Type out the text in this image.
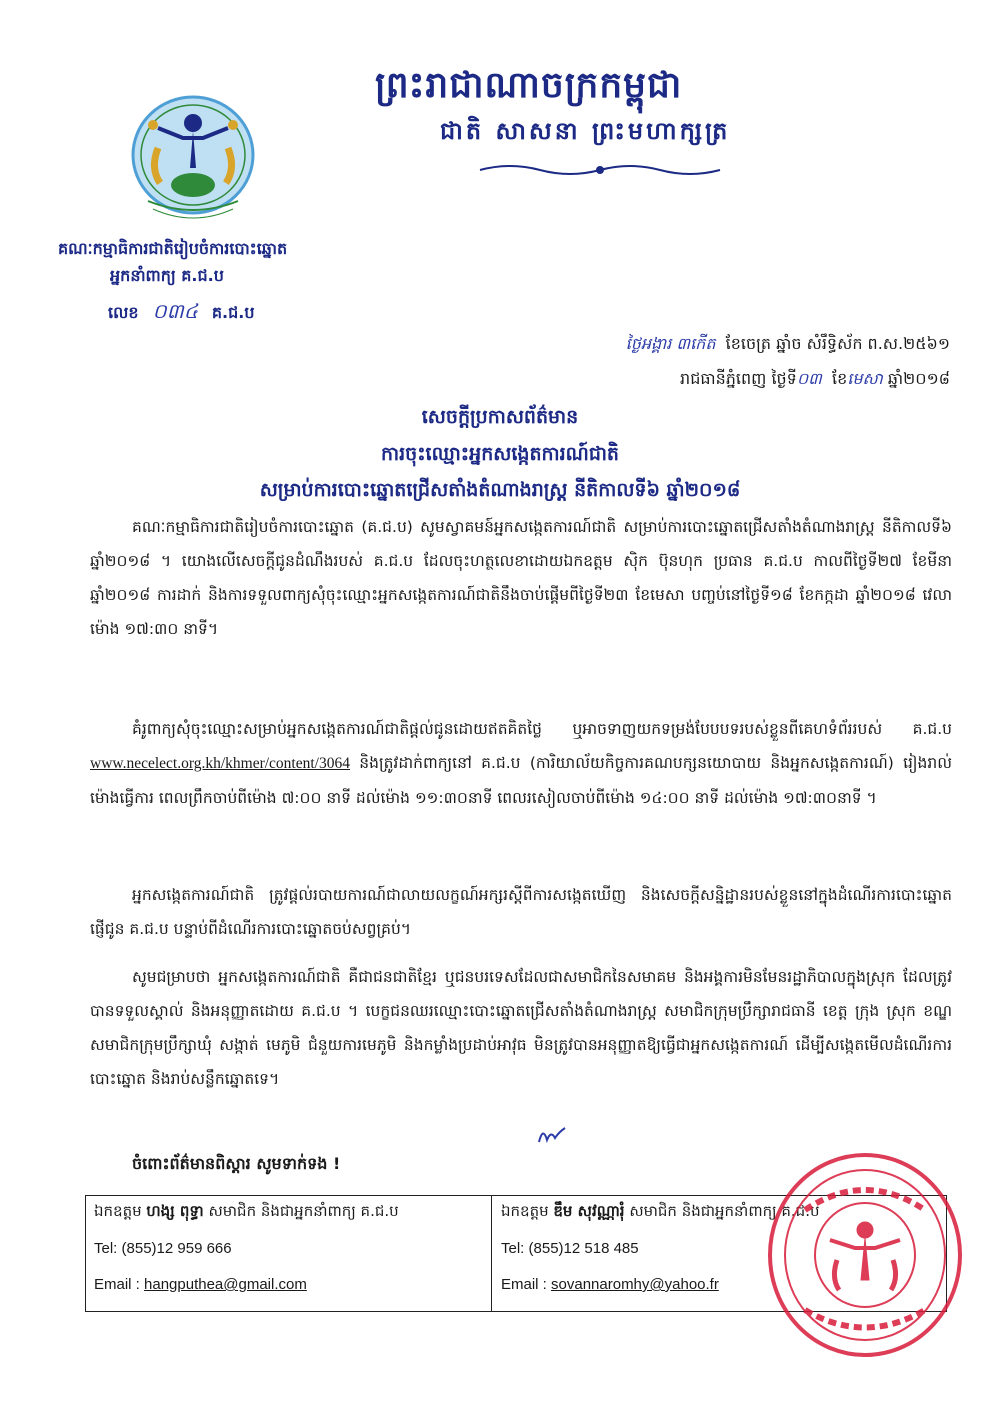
ព្រះរាជាណាចក្រកម្ពុជា
ជាតិ សាសនា ព្រះមហាក្សត្រ
គណៈកម្មាធិការជាតិរៀបចំការបោះឆ្នោត
អ្នកនាំពាក្យ គ.ជ.ប
លេខ ០៣៤ គ.ជ.ប
ថ្ងៃអង្គារ ៣កើត ខែចេត្រ ឆ្នាំច សំរឹទ្ធិស័ក ព.ស.២៥៦១
រាជធានីភ្នំពេញ ថ្ងៃទី០៣ ខែមេសា ឆ្នាំ២០១៨
សេចក្តីប្រកាសព័ត៌មាន
ការចុះឈ្មោះអ្នកសង្កេតការណ៍ជាតិ
សម្រាប់ការបោះឆ្នោតជ្រើសតាំងតំណាងរាស្ត្រ នីតិកាលទី៦ ឆ្នាំ២០១៨
គណៈកម្មាធិការជាតិរៀបចំការបោះឆ្នោត (គ.ជ.ប) សូមស្វាគមន៍អ្នកសង្កេតការណ៍ជាតិ សម្រាប់ការបោះឆ្នោតជ្រើសតាំងតំណាងរាស្ត្រ នីតិកាលទី៦ ឆ្នាំ២០១៨ ។ យោងលើសេចក្តីជូនដំណឹងរបស់ គ.ជ.ប ដែលចុះហត្ថលេខាដោយឯកឧត្តម ស៊ិក ប៊ុនហុក ប្រធាន គ.ជ.ប កាលពីថ្ងៃទី២៧ ខែមីនា ឆ្នាំ២០១៨ ការដាក់ និងការទទួលពាក្យសុំចុះឈ្មោះអ្នកសង្កេតការណ៍ជាតិនឹងចាប់ផ្តើមពីថ្ងៃទី២៣ ខែមេសា បញ្ចប់នៅថ្ងៃទី១៨ ខែកក្កដា ឆ្នាំ២០១៨ វេលាម៉ោង ១៧:៣០ នាទី។
គំរូពាក្យសុំចុះឈ្មោះសម្រាប់អ្នកសង្កេតការណ៍ជាតិផ្តល់ជូនដោយឥតគិតថ្លៃ ឬអាចទាញយកទម្រង់បែបបទរបស់ខ្លួនពីគេហទំព័ររបស់ គ.ជ.ប www.necelect.org.kh/khmer/content/3064 និងត្រូវដាក់ពាក្យនៅ គ.ជ.ប (ការិយាល័យកិច្ចការគណបក្សនយោបាយ និងអ្នកសង្កេតការណ៍) រៀងរាល់ម៉ោងធ្វើការ ពេលព្រឹកចាប់ពីម៉ោង ៧:០០ នាទី ដល់ម៉ោង ១១:៣០នាទី ពេលរសៀលចាប់ពីម៉ោង ១៤:០០ នាទី ដល់ម៉ោង ១៧:៣០នាទី ។
អ្នកសង្កេតការណ៍ជាតិ ត្រូវផ្តល់របាយការណ៍ជាលាយលក្ខណ៍អក្សរស្តីពីការសង្កេតឃើញ និងសេចក្តីសន្និដ្ឋានរបស់ខ្លួននៅក្នុងដំណើរការបោះឆ្នោត ផ្ញើជូន គ.ជ.ប បន្ទាប់ពីដំណើរការបោះឆ្នោតចប់សព្វគ្រប់។
សូមជម្រាបថា អ្នកសង្កេតការណ៍ជាតិ គឺជាជនជាតិខ្មែរ ឬជនបរទេសដែលជាសមាជិកនៃសមាគម និងអង្គការមិនមែនរដ្ឋាភិបាលក្នុងស្រុក ដែលត្រូវបានទទួលស្គាល់ និងអនុញ្ញាតដោយ គ.ជ.ប ។ បេក្ខជនឈរឈ្មោះបោះឆ្នោតជ្រើសតាំងតំណាងរាស្ត្រ សមាជិកក្រុមប្រឹក្សារាជធានី ខេត្ត ក្រុង ស្រុក ខណ្ឌ សមាជិកក្រុមប្រឹក្សាឃុំ សង្កាត់ មេភូមិ ជំនួយការមេភូមិ និងកម្លាំងប្រដាប់អាវុធ មិនត្រូវបានអនុញ្ញាតឱ្យធ្វើជាអ្នកសង្កេតការណ៍ ដើម្បីសង្កេតមើលដំណើរការបោះឆ្នោត និងរាប់សន្លឹកឆ្នោតទេ។
ចំពោះព័ត៌មានពិស្តារ សូមទាក់ទង !
ឯកឧត្តម ហង្ស ពុទ្ធា សមាជិក និងជាអ្នកនាំពាក្យ គ.ជ.ប
Tel: (855)12 959 666
Email : hangputhea@gmail.com
ឯកឧត្តម ឌឹម សុវណ្ណារុំ សមាជិក និងជាអ្នកនាំពាក្យ គ.ជ.ប
Tel: (855)12 518 485
Email : sovannaromhy@yahoo.fr
